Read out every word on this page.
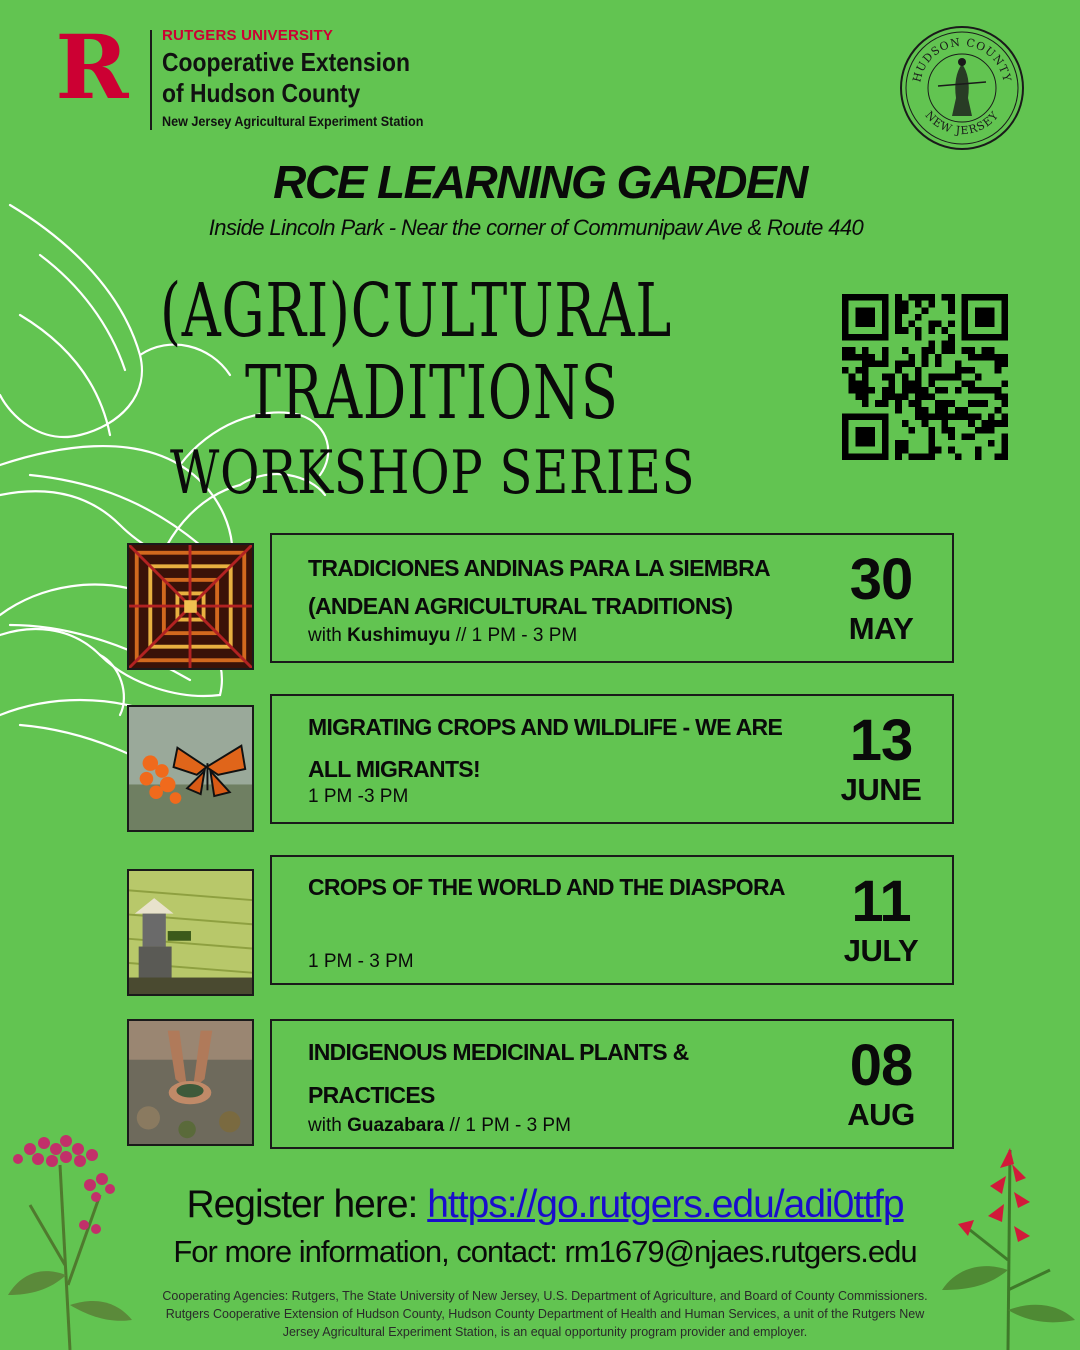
R RUTGERS UNIVERSITY
Cooperative Extension
of Hudson County
New Jersey Agricultural Experiment Station
HUDSON COUNTY
NEW JERSEY
RCE LEARNING GARDEN
Inside Lincoln Park - Near the corner of Communipaw Ave & Route 440
(AGRI)CULTURAL
TRADITIONS
WORKSHOP SERIES
TRADICIONES ANDINAS PARA LA SIEMBRA (ANDEAN AGRICULTURAL TRADITIONS)
with Kushimuyu // 1 PM - 3 PM
30
MAY
MIGRATING CROPS AND WILDLIFE - WE ARE ALL MIGRANTS!
1 PM -3 PM
13
JUNE
CROPS OF THE WORLD AND THE DIASPORA
1 PM - 3 PM
11
JULY
INDIGENOUS MEDICINAL PLANTS & PRACTICES
with Guazabara // 1 PM - 3 PM
08
AUG
Register here: https://go.rutgers.edu/adi0ttfp
For more information, contact: rm1679@njaes.rutgers.edu
Cooperating Agencies: Rutgers, The State University of New Jersey, U.S. Department of Agriculture, and Board of County Commissioners. Rutgers Cooperative Extension of Hudson County, Hudson County Department of Health and Human Services, a unit of the Rutgers New Jersey Agricultural Experiment Station, is an equal opportunity program provider and employer.
